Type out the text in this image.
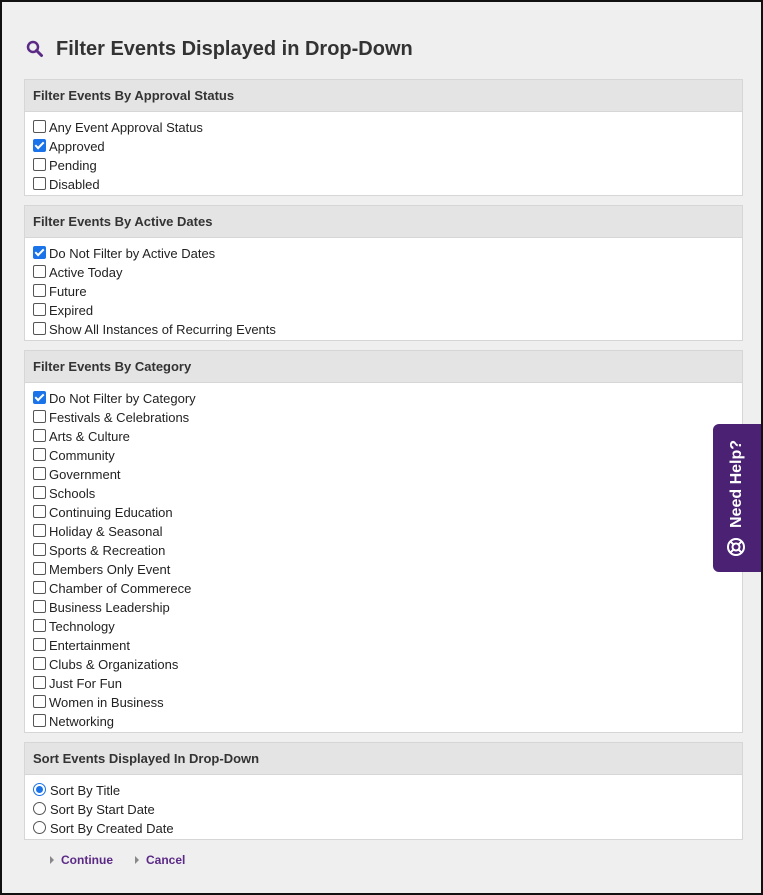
Filter Events Displayed in Drop-Down
Filter Events By Approval Status
Any Event Approval Status
Approved
Pending
Disabled
Filter Events By Active Dates
Do Not Filter by Active Dates
Active Today
Future
Expired
Show All Instances of Recurring Events
Filter Events By Category
Do Not Filter by Category
Festivals & Celebrations
Arts & Culture
Community
Government
Schools
Continuing Education
Holiday & Seasonal
Sports & Recreation
Members Only Event
Chamber of Commerece
Business Leadership
Technology
Entertainment
Clubs & Organizations
Just For Fun
Women in Business
Networking
Sort Events Displayed In Drop-Down
Sort By Title
Sort By Start Date
Sort By Created Date
Continue	Cancel
Need Help?
